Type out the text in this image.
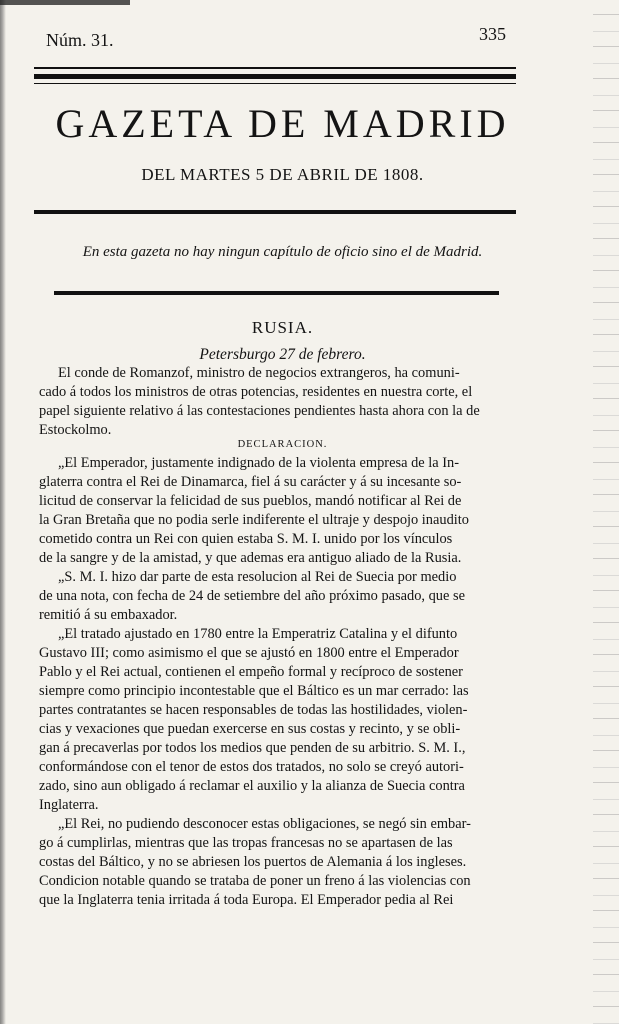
Núm. 31.	335
GAZETA DE MADRID
DEL MARTES 5 DE ABRIL DE 1808.
En esta gazeta no hay ningun capítulo de oficio sino el de Madrid.
RUSIA.
Petersburgo 27 de febrero.
El conde de Romanzof, ministro de negocios extrangeros, ha comuni-
cado á todos los ministros de otras potencias, residentes en nuestra corte, el
papel siguiente relativo á las contestaciones pendientes hasta ahora con la de
Estockolmo.
DECLARACION.
„El Emperador, justamente indignado de la violenta empresa de la In-
glaterra contra el Rei de Dinamarca, fiel á su carácter y á su incesante so-
licitud de conservar la felicidad de sus pueblos, mandó notificar al Rei de
la Gran Bretaña que no podia serle indiferente el ultraje y despojo inaudito
cometido contra un Rei con quien estaba S. M. I. unido por los vínculos
de la sangre y de la amistad, y que ademas era antiguo aliado de la Rusia.
„S. M. I. hizo dar parte de esta resolucion al Rei de Suecia por medio
de una nota, con fecha de 24 de setiembre del año próximo pasado, que se
remitió á su embaxador.
„El tratado ajustado en 1780 entre la Emperatriz Catalina y el difunto
Gustavo III; como asimismo el que se ajustó en 1800 entre el Emperador
Pablo y el Rei actual, contienen el empeño formal y recíproco de sostener
siempre como principio incontestable que el Báltico es un mar cerrado: las
partes contratantes se hacen responsables de todas las hostilidades, violen-
cias y vexaciones que puedan exercerse en sus costas y recinto, y se obli-
gan á precaverlas por todos los medios que penden de su arbitrio. S. M. I.,
conformándose con el tenor de estos dos tratados, no solo se creyó autori-
zado, sino aun obligado á reclamar el auxilio y la alianza de Suecia contra
Inglaterra.
„El Rei, no pudiendo desconocer estas obligaciones, se negó sin embar-
go á cumplirlas, mientras que las tropas francesas no se apartasen de las
costas del Báltico, y no se abriesen los puertos de Alemania á los ingleses.
Condicion notable quando se trataba de poner un freno á las violencias con
que la Inglaterra tenia irritada á toda Europa. El Emperador pedia al Rei
